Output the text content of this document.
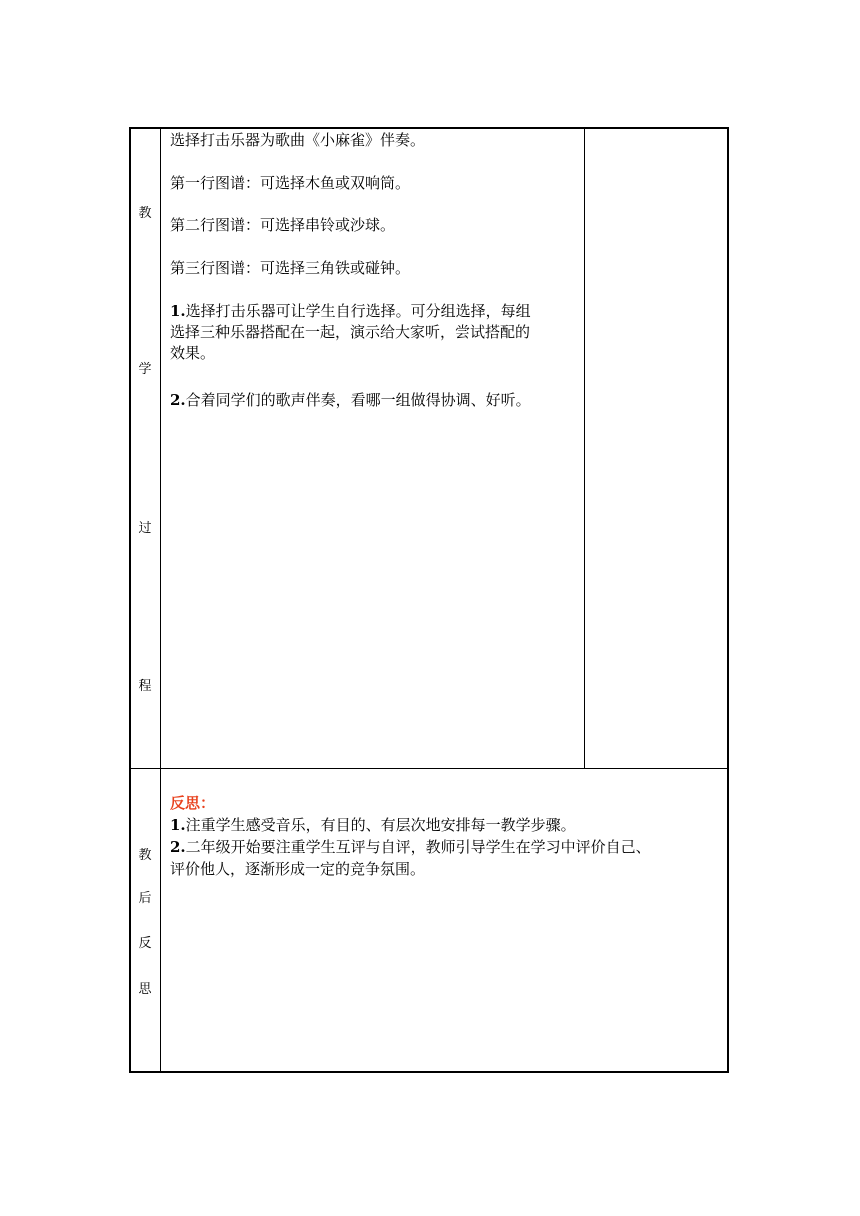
教
学
过
程
选择打击乐器为歌曲《小麻雀》伴奏。
第一行图谱：可选择木鱼或双响筒。
第二行图谱：可选择串铃或沙球。
第三行图谱：可选择三角铁或碰钟。
1.选择打击乐器可让学生自行选择。可分组选择，每组
选择三种乐器搭配在一起，演示给大家听，尝试搭配的
效果。
2.合着同学们的歌声伴奏，看哪一组做得协调、好听。
教
后
反
思
反思：
1.注重学生感受音乐，有目的、有层次地安排每一教学步骤。
2.二年级开始要注重学生互评与自评，教师引导学生在学习中评价自己、
评价他人，逐渐形成一定的竞争氛围。
